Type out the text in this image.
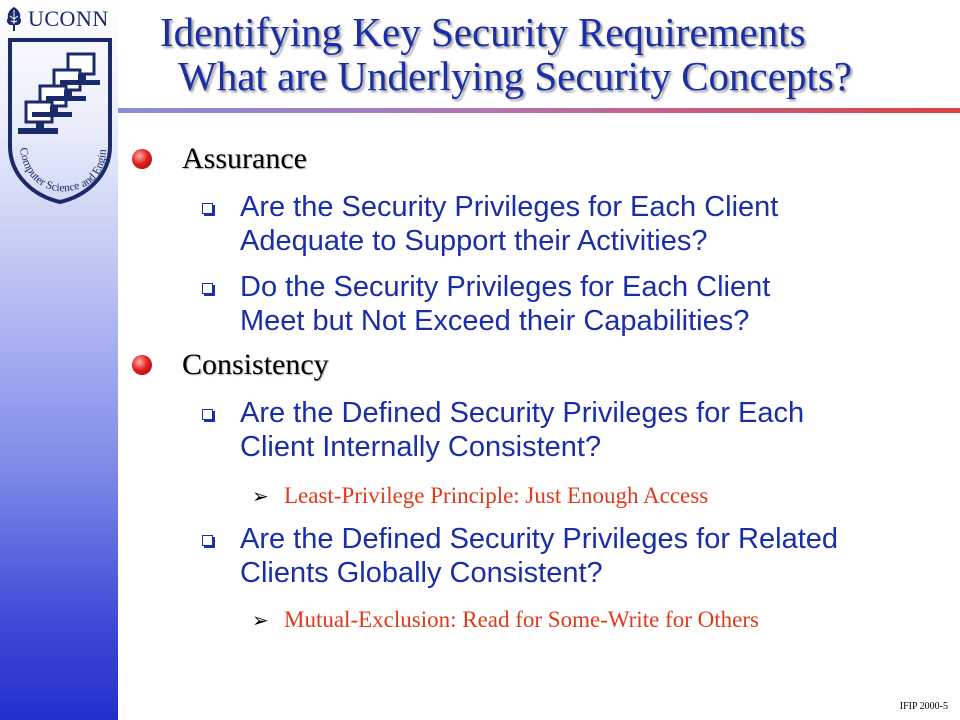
UCONN
Computer Science and Engin
Identifying Key Security Requirements
What are Underlying Security Concepts?
Assurance
Are the Security Privileges for Each Client
Adequate to Support their Activities?
Do the Security Privileges for Each Client
Meet but Not Exceed their Capabilities?
Consistency
Are the Defined Security Privileges for Each
Client Internally Consistent?
➢ Least-Privilege Principle: Just Enough Access
Are the Defined Security Privileges for Related
Clients Globally Consistent?
➢ Mutual-Exclusion: Read for Some-Write for Others
IFIP 2000-5
